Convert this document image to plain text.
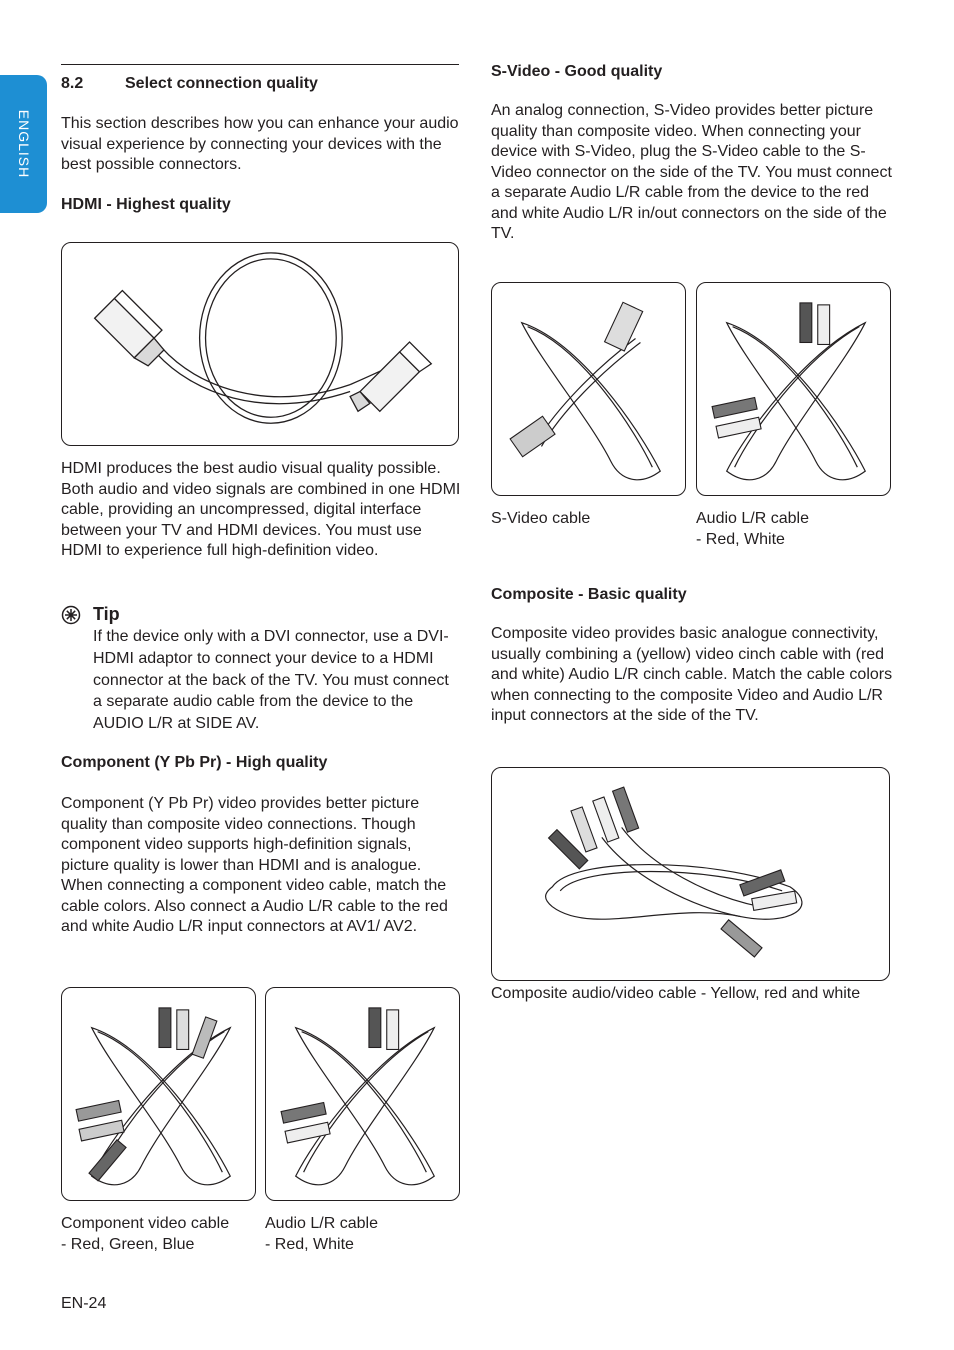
ENGLISH
8.2	Select connection quality
This section describes how you can enhance your audio visual experience by connecting your devices with the best possible connectors.
HDMI - Highest quality
HDMI produces the best audio visual quality possible. Both audio and video signals are combined in one HDMI cable, providing an uncompressed, digital interface between your TV and HDMI devices. You must use HDMI to experience full high-definition video.
Tip
If the device only with a DVI connector, use a DVI-HDMI adaptor to connect your device to a HDMI connector at the back of the TV. You must connect a separate audio cable from the device to the AUDIO L/R at SIDE AV.
Component (Y Pb Pr) - High quality
Component (Y Pb Pr) video provides better picture quality than composite video connections. Though component video supports high-definition signals, picture quality is lower than HDMI and is analogue. When connecting a component video cable, match the cable colors. Also connect a Audio L/R cable to the red and white Audio L/R input connectors at AV1/ AV2.
Component video cable
- Red, Green, Blue
Audio L/R cable
- Red, White
EN-24
S-Video - Good quality
An analog connection, S-Video provides better picture quality than composite video. When connecting your device with S-Video, plug the S-Video cable to the S-Video connector on the side of the TV. You must connect a separate Audio L/R cable from the device to the red and white Audio L/R in/out connectors on the side of the TV.
S-Video cable	Audio L/R cable
- Red, White
Composite - Basic quality
Composite video provides basic analogue connectivity, usually combining a (yellow) video cinch cable with (red and white) Audio L/R cinch cable. Match the cable colors when connecting to the composite Video and Audio L/R input connectors at the side of the TV.
Composite audio/video cable - Yellow, red and white
